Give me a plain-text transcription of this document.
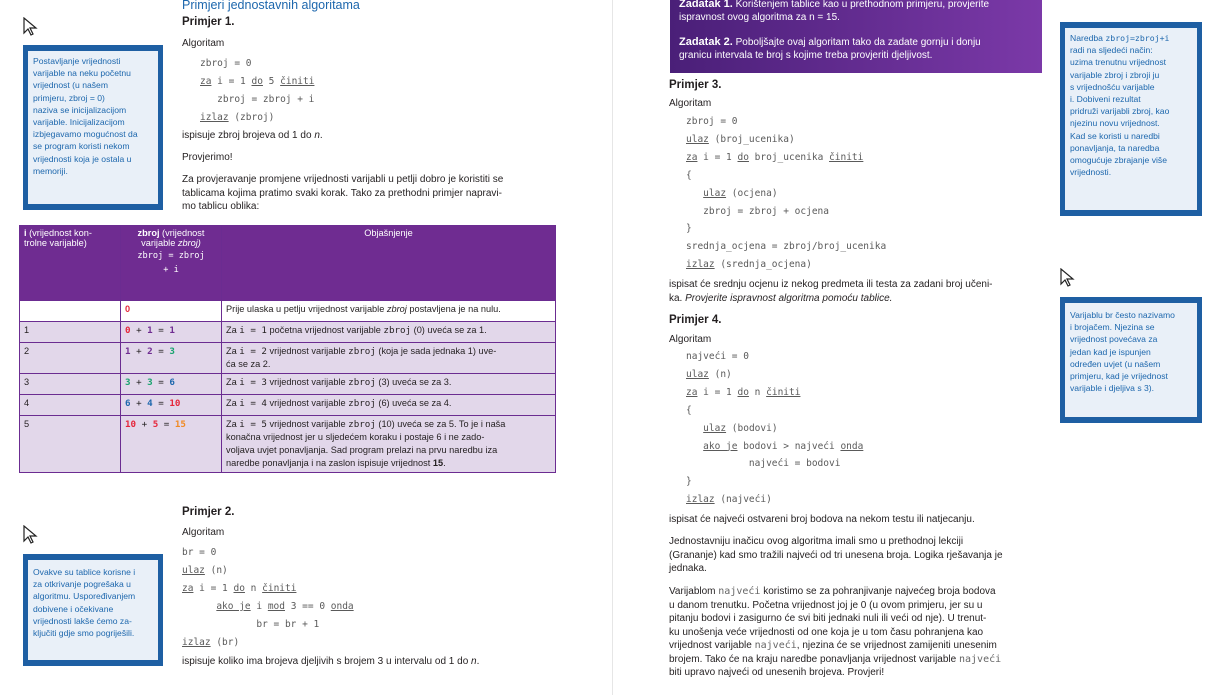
Primjeri jednostavnih algoritama
Primjer 1.
Algoritam
zbroj = 0
za i = 1 do 5 činiti
zbroj = zbroj + i
izlaz (zbroj)
ispisuje zbroj brojeva od 1 do n.
Provjerimo!
Za provjeravanje promjene vrijednosti varijabli u petlji dobro je koristiti se
tablicama kojima pratimo svaki korak. Tako za prethodni primjer napravi-
mo tablicu oblika:
Postavljanje vrijednosti
varijable na neku početnu
vrijednost (u našem
primjeru, zbroj = 0)
naziva se inicijalizacijom
varijable. Inicijalizacijom
izbjegavamo mogućnost da
se program koristi nekom
vrijednosti koja je ostala u
memoriji.
i (vrijednost kon-
trolne varijable)	zbroj (vrijednost
varijable zbroj)
zbroj = zbroj
+ i	Objašnjenje
	0	Prije ulaska u petlju vrijednost varijable zbroj postavljena je na nulu.
1	0 + 1 = 1	Za i = 1 početna vrijednost varijable zbroj (0) uveća se za 1.
2	1 + 2 = 3	Za i = 2 vrijednost varijable zbroj (koja je sada jednaka 1) uve-
ća se za 2.
3	3 + 3 = 6	Za i = 3 vrijednost varijable zbroj (3) uveća se za 3.
4	6 + 4 = 10	Za i = 4 vrijednost varijable zbroj (6) uveća se za 4.
5	10 + 5 = 15	Za i = 5 vrijednost varijable zbroj (10) uveća se za 5. To je i naša
konačna vrijednost jer u sljedećem koraku i postaje 6 i ne zado-
voljava uvjet ponavljanja. Sad program prelazi na prvu naredbu iza
naredbe ponavljanja i na zaslon ispisuje vrijednost 15.
Primjer 2.
Algoritam
br = 0
ulaz (n)
za i = 1 do n činiti
ako je i mod 3 == 0 onda
br = br + 1
izlaz (br)
ispisuje koliko ima brojeva djeljivih s brojem 3 u intervalu od 1 do n.
Ovakve su tablice korisne i
za otkrivanje pogrešaka u
algoritmu. Uspoređivanjem
dobivene i očekivane
vrijednosti lakše ćemo za-
ključiti gdje smo pogriješili.
Zadatak 1. Korištenjem tablice kao u prethodnom primjeru, provjerite
ispravnost ovog algoritma za n = 15.
Zadatak 2. Poboljšajte ovaj algoritam tako da zadate gornju i donju
granicu intervala te broj s kojime treba provjeriti djeljivost.
Primjer 3.
Algoritam
zbroj = 0
ulaz (broj_ucenika)
za i = 1 do broj_ucenika činiti
{
ulaz (ocjena)
zbroj = zbroj + ocjena
}
srednja_ocjena = zbroj/broj_ucenika
izlaz (srednja_ocjena)
ispisat će srednju ocjenu iz nekog predmeta ili testa za zadani broj učeni-
ka. Provjerite ispravnost algoritma pomoću tablice.
Primjer 4.
Algoritam
najveći = 0
ulaz (n)
za i = 1 do n činiti
{
ulaz (bodovi)
ako je bodovi > najveći onda
najveći = bodovi
}
izlaz (najveći)
ispisat će najveći ostvareni broj bodova na nekom testu ili natjecanju.
Jednostavniju inačicu ovog algoritma imali smo u prethodnoj lekciji
(Grananje) kad smo tražili najveći od tri unesena broja. Logika rješavanja je
jednaka.
Varijablom najveći koristimo se za pohranjivanje najvećeg broja bodova
u danom trenutku. Početna vrijednost joj je 0 (u ovom primjeru, jer su u
pitanju bodovi i zasigurno će svi biti jednaki nuli ili veći od nje). U trenut-
ku unošenja veće vrijednosti od one koja je u tom času pohranjena kao
vrijednost varijable najveći, njezina će se vrijednost zamijeniti unesenim
brojem. Tako će na kraju naredbe ponavljanja vrijednost varijable najveći
biti upravo najveći od unesenih brojeva. Provjeri!
Naredba zbroj=zbroj+i
radi na sljedeći način:
uzima trenutnu vrijednost
varijable zbroj i zbroji ju
s vrijednošću varijable
i. Dobiveni rezultat
pridruži varijabli zbroj, kao
njezinu novu vrijednost.
Kad se koristi u naredbi
ponavljanja, ta naredba
omogućuje zbrajanje više
vrijednosti.
Varijablu br često nazivamo
i brojačem. Njezina se
vrijednost povećava za
jedan kad je ispunjen
određen uvjet (u našem
primjeru, kad je vrijednost
varijable i djeljiva s 3).
